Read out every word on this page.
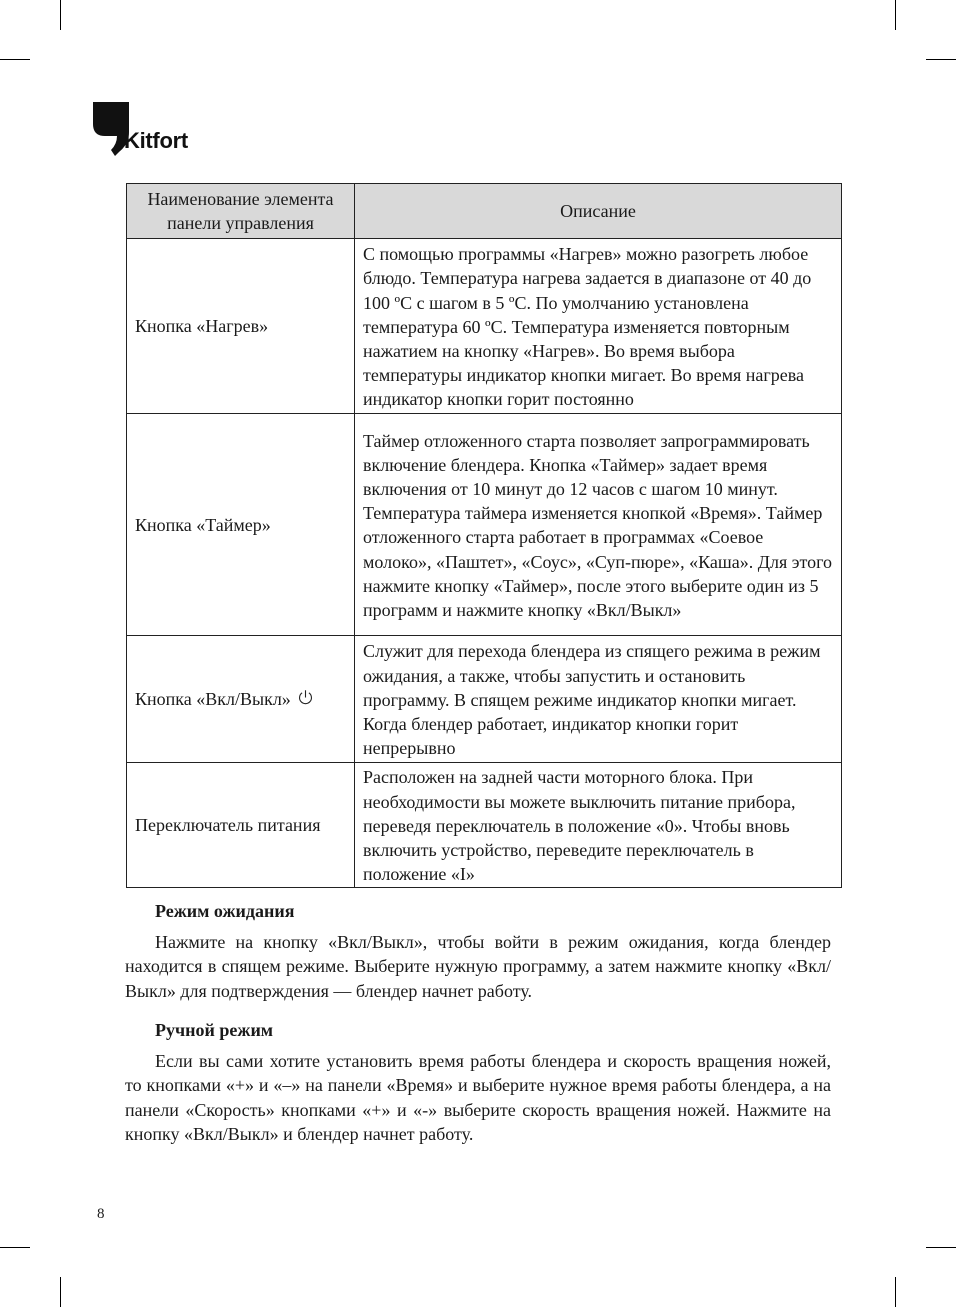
Kitfort
Наименование элемента
панели управления	Описание
Кнопка «Нагрев»	С помощью программы «Нагрев» можно разогреть любое блюдо. Температура нагрева задается в диапазоне от 40 до 100 ºС с шагом в 5 ºС. По умолчанию установлена температура 60 ºС. Температура изменяется повторным нажатием на кнопку «Нагрев». Во время выбора температуры индикатор кнопки мигает. Во время нагрева индикатор кнопки горит постоянно
Кнопка «Таймер»	Таймер отложенного старта позволяет запрограммировать включение блендера. Кнопка «Таймер» задает время включения от 10 минут до 12 часов с шагом 10 минут. Температура таймера изменяется кнопкой «Время». Таймер отложенного старта работает в программах «Соевое молоко», «Паштет», «Соус», «Суп-пюре», «Каша». Для этого нажмите кнопку «Таймер», после этого выберите один из 5 программ и нажмите кнопку «Вкл/Выкл»
Кнопка «Вкл/Выкл»	Служит для перехода блендера из спящего режима в режим ожидания, а также, чтобы запустить и остановить программу. В спящем режиме индикатор кнопки мигает. Когда блендер работает, индикатор кнопки горит непрерывно
Переключатель питания	Расположен на задней части моторного блока. При необходимости вы можете выключить питание прибора, переведя переключатель в положение «0». Чтобы вновь включить устройство, переведите переключатель в положение «I»
Режим ожидания

Нажмите на кнопку «Вкл/Выкл», чтобы войти в режим ожидания, когда блендер находится в спящем режиме. Выберите нужную программу, а затем нажмите кнопку «Вкл/Выкл» для подтверждения — блендер начнет работу.

Ручной режим

Если вы сами хотите установить время работы блендера и скорость вращения ножей, то кнопками «+» и «–» на панели «Время» и выберите нужное время работы блендера, а на панели «Скорость» кнопками «+» и «-» выберите скорость вращения ножей. Нажмите на кнопку «Вкл/Выкл» и блендер начнет работу.

8
